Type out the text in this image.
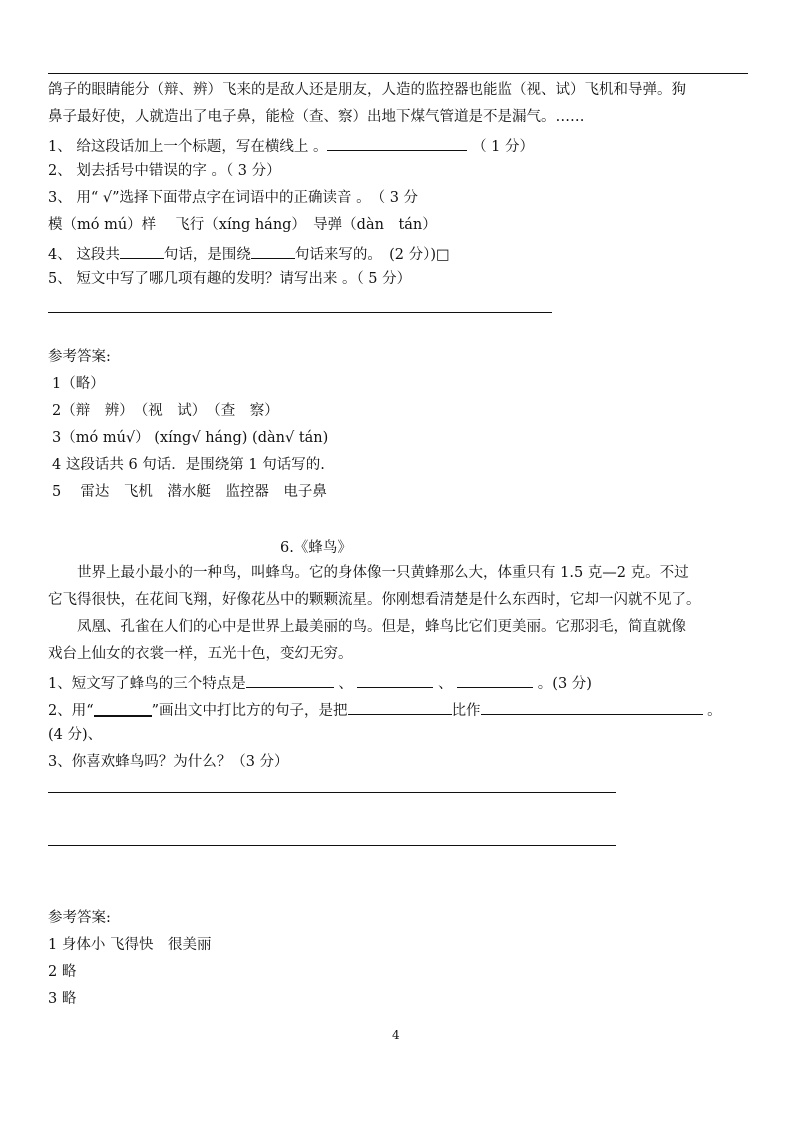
鸽子的眼睛能分（辩、辨）飞来的是敌人还是朋友，人造的监控器也能监（视、试）飞机和导弹。狗
鼻子最好使，人就造出了电子鼻，能检（查、察）出地下煤气管道是不是漏气。……
1、 给这段话加上一个标题，写在横线上 。	（ 1 分）
2、 划去括号中错误的字 。（ 3 分）
3、 用“ √”选择下面带点字在词语中的正确读音 。　（ 3 分
模（mó mú）样　 飞行（xíng háng）　导弹（dàn　tán）
4、 这段共	句话，是围绕	句话来写的。　(2 分）)□
5、 短文中写了哪几项有趣的发明？请写出来 。（ 5 分）
参考答案:
1（略）
2（辩　辨）　（视　试）　（查　察）
3（mó mú√） (xíng√ háng) (dàn√ tán)
4 这段话共 6 句话．是围绕第 1 句话写的.
5　 雷达　飞机　潜水艇　监控器　电子鼻
6.《蜂鸟》
　　世界上最小最小的一种鸟，叫蜂鸟。它的身体像一只黄蜂那么大，体重只有 1.5 克—2 克。不过
它飞得很快，在花间飞翔，好像花丛中的颗颗流星。你刚想看清楚是什么东西时，它却一闪就不见了。
　　凤凰、孔雀在人们的心中是世界上最美丽的鸟。但是，蜂鸟比它们更美丽。它那羽毛，简直就像
戏台上仙女的衣裳一样，五光十色，变幻无穷。
1、短文写了蜂鸟的三个特点是	、	、	。(3 分)
2、用“	”画出文中打比方的句子，是把	比作	。
(4 分)、
3、你喜欢蜂鸟吗？为什么？（3 分）
参考答案:
1 身体小 飞得快　很美丽
2 略
3 略
4
